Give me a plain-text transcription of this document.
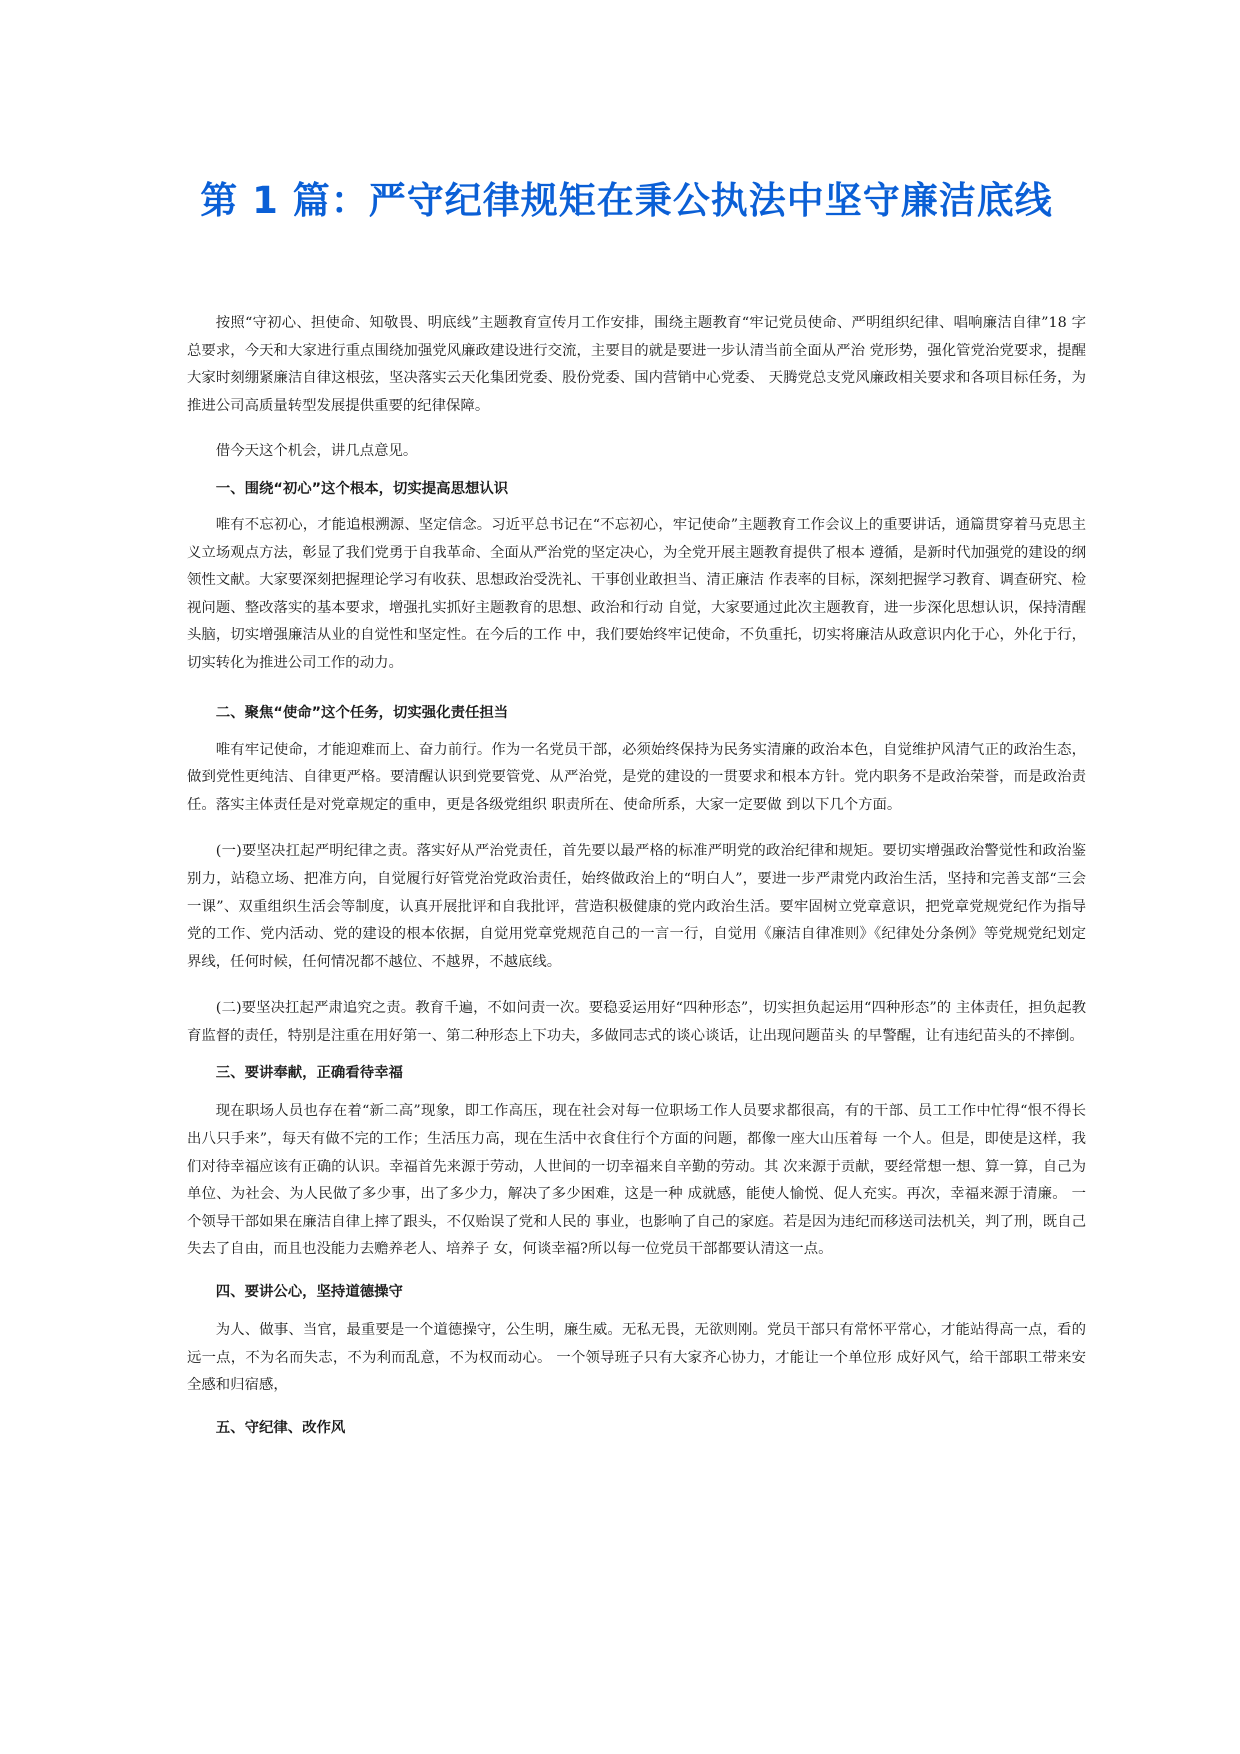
第 1 篇：严守纪律规矩在秉公执法中坚守廉洁底线

按照“守初心、担使命、知敬畏、明底线”主题教育宣传月工作安排，围绕主题教育“牢记党员使命、严明组织纪律、唱响廉洁自律”18 字总要求，今天和大家进行重点围绕加强党风廉政建设进行交流，主要目的就是要进一步认清当前全面从严治 党形势，强化管党治党要求，提醒大家时刻绷紧廉洁自律这根弦，坚决落实云天化集团党委、股份党委、国内营销中心党委、 天腾党总支党风廉政相关要求和各项目标任务，为推进公司高质量转型发展提供重要的纪律保障。

借今天这个机会，讲几点意见。

一、围绕“初心”这个根本，切实提高思想认识

唯有不忘初心，才能追根溯源、坚定信念。习近平总书记在“不忘初心，牢记使命”主题教育工作会议上的重要讲话，通篇贯穿着马克思主义立场观点方法，彰显了我们党勇于自我革命、全面从严治党的坚定决心，为全党开展主题教育提供了根本 遵循，是新时代加强党的建设的纲领性文献。大家要深刻把握理论学习有收获、思想政治受洗礼、干事创业敢担当、清正廉洁 作表率的目标，深刻把握学习教育、调查研究、检视问题、整改落实的基本要求，增强扎实抓好主题教育的思想、政治和行动 自觉，大家要通过此次主题教育，进一步深化思想认识，保持清醒头脑，切实增强廉洁从业的自觉性和坚定性。在今后的工作 中，我们要始终牢记使命，不负重托，切实将廉洁从政意识内化于心，外化于行，切实转化为推进公司工作的动力。

二、聚焦“使命”这个任务，切实强化责任担当

唯有牢记使命，才能迎难而上、奋力前行。作为一名党员干部，必须始终保持为民务实清廉的政治本色，自觉维护风清气正的政治生态，做到党性更纯洁、自律更严格。要清醒认识到党要管党、从严治党，是党的建设的一贯要求和根本方针。党内职务不是政治荣誉，而是政治责任。落实主体责任是对党章规定的重申，更是各级党组织 职责所在、使命所系，大家一定要做 到以下几个方面。

(一)要坚决扛起严明纪律之责。落实好从严治党责任，首先要以最严格的标准严明党的政治纪律和规矩。要切实增强政治警觉性和政治鉴别力，站稳立场、把准方向，自觉履行好管党治党政治责任，始终做政治上的“明白人”，要进一步严肃党内政治生活，坚持和完善支部“三会一课”、双重组织生活会等制度，认真开展批评和自我批评，营造积极健康的党内政治生活。要牢固树立党章意识，把党章党规党纪作为指导党的工作、党内活动、党的建设的根本依据，自觉用党章党规范自己的一言一行，自觉用《廉洁自律准则》《纪律处分条例》等党规党纪划定界线，任何时候，任何情况都不越位、不越界，不越底线。

(二)要坚决扛起严肃追究之责。教育千遍，不如问责一次。要稳妥运用好“四种形态”，切实担负起运用“四种形态”的 主体责任，担负起教育监督的责任，特别是注重在用好第一、第二种形态上下功夫，多做同志式的谈心谈话，让出现问题苗头 的早警醒，让有违纪苗头的不摔倒。

三、要讲奉献，正确看待幸福

现在职场人员也存在着“新二高”现象，即工作高压，现在社会对每一位职场工作人员要求都很高，有的干部、员工工作中忙得“恨不得长出八只手来”，每天有做不完的工作；生活压力高，现在生活中衣食住行个方面的问题，都像一座大山压着每 一个人。但是，即使是这样，我们对待幸福应该有正确的认识。幸福首先来源于劳动，人世间的一切幸福来自辛勤的劳动。其 次来源于贡献，要经常想一想、算一算，自己为单位、为社会、为人民做了多少事，出了多少力，解决了多少困难，这是一种 成就感，能使人愉悦、促人充实。再次，幸福来源于清廉。 一个领导干部如果在廉洁自律上摔了跟头，不仅贻误了党和人民的 事业，也影响了自己的家庭。若是因为违纪而移送司法机关，判了刑，既自己失去了自由，而且也没能力去赡养老人、培养子 女，何谈幸福?所以每一位党员干部都要认清这一点。

四、要讲公心，坚持道德操守

为人、做事、当官，最重要是一个道德操守，公生明，廉生威。无私无畏，无欲则刚。党员干部只有常怀平常心，才能站得高一点，看的远一点，不为名而失志，不为利而乱意，不为权而动心。 一个领导班子只有大家齐心协力，才能让一个单位形 成好风气，给干部职工带来安全感和归宿感，

五、守纪律、改作风
